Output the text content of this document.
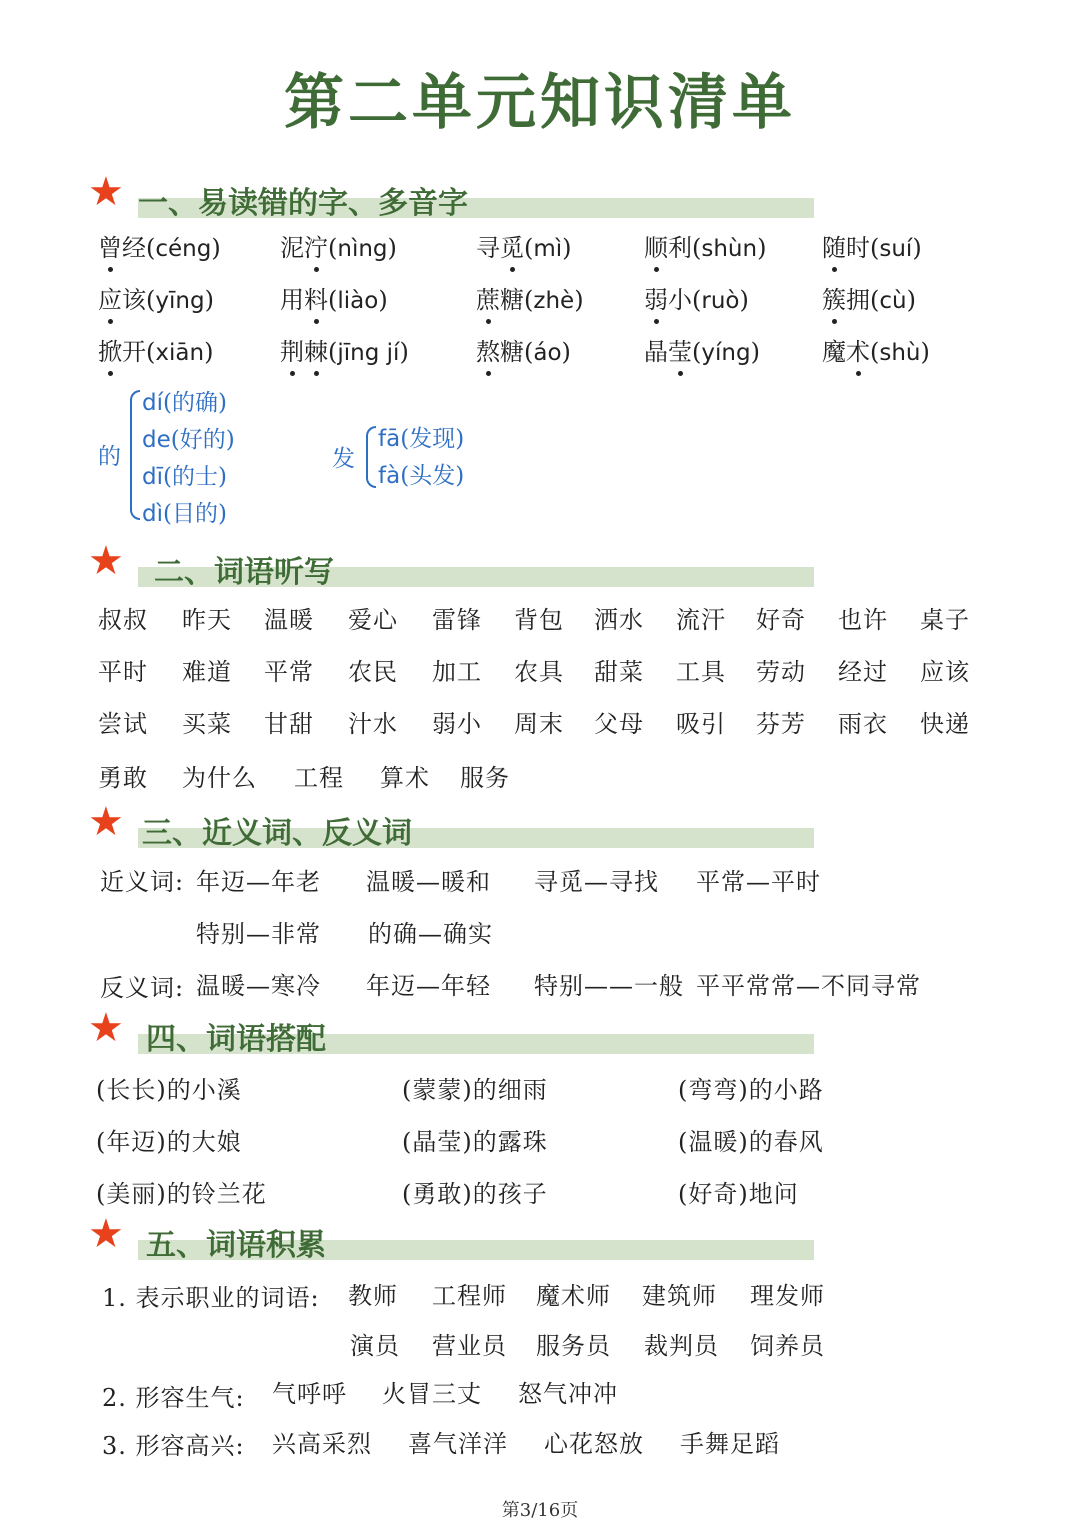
第二单元知识清单
★ 一、易读错的字、多音字
曾经(céng) 泥泞(nìng)	寻觅(mì)	顺利(shùn) 随时(suí)
应该(yīng)	用料(liào)	蔗糖(zhè)	弱小(ruò)	簇拥(cù)
掀开(xiān)	荆棘(jīng jí)	熬糖(áo)	晶莹(yíng)	魔术(shù)
的
dí(的确)
de(好的)
dī(的士)
dì(目的)
发
fā(发现)
fà(头发)
★ 二、词语听写
叔叔 昨天 温暖 爱心 雷锋 背包 洒水 流汗 好奇 也许 桌子
平时 难道 平常 农民 加工 农具 甜菜 工具 劳动 经过 应该
尝试 买菜 甘甜 汁水 弱小 周末 父母 吸引 芬芳 雨衣 快递
勇敢 为什么 工程 算术 服务
★ 三、近义词、反义词
近义词: 年迈—年老 温暖—暖和 寻觅—寻找 平常—平时
特别—非常 的确—确实
反义词: 温暖—寒冷 年迈—年轻 特别——一般 平平常常—不同寻常
★ 四、词语搭配
(长长)的小溪	(蒙蒙)的细雨	(弯弯)的小路
(年迈)的大娘	(晶莹)的露珠	(温暖)的春风
(美丽)的铃兰花	(勇敢)的孩子	(好奇)地问
★ 五、词语积累
1. 表示职业的词语: 教师 工程师 魔术师 建筑师 理发师
演员 营业员 服务员 裁判员 饲养员
2. 形容生气: 气呼呼 火冒三丈 怒气冲冲
3. 形容高兴: 兴高采烈 喜气洋洋 心花怒放 手舞足蹈
第3/16页
